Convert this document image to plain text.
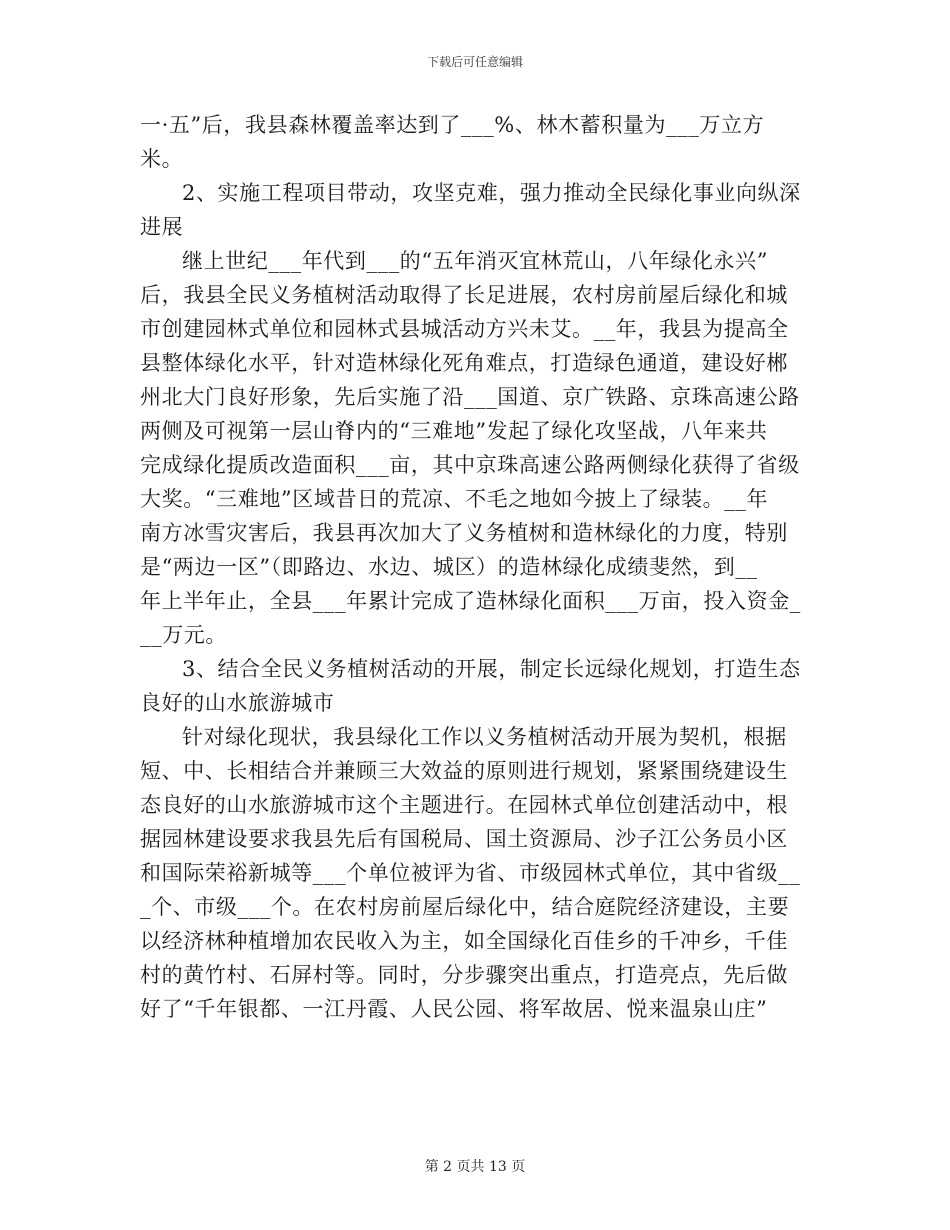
下载后可任意编辑
一·五”后，我县森林覆盖率达到了___%、林木蓄积量为___万立方
米。
2、实施工程项目带动，攻坚克难，强力推动全民绿化事业向纵深
进展
继上世纪___年代到___的“五年消灭宜林荒山，八年绿化永兴”
后，我县全民义务植树活动取得了长足进展，农村房前屋后绿化和城
市创建园林式单位和园林式县城活动方兴未艾。__年，我县为提高全
县整体绿化水平，针对造林绿化死角难点，打造绿色通道，建设好郴
州北大门良好形象，先后实施了沿___国道、京广铁路、京珠高速公路
两侧及可视第一层山脊内的“三难地”发起了绿化攻坚战，八年来共
完成绿化提质改造面积___亩，其中京珠高速公路两侧绿化获得了省级
大奖。“三难地”区域昔日的荒凉、不毛之地如今披上了绿装。__年
南方冰雪灾害后，我县再次加大了义务植树和造林绿化的力度，特别
是“两边一区”（即路边、水边、城区）的造林绿化成绩斐然，到__
年上半年止，全县___年累计完成了造林绿化面积___万亩，投入资金_
__万元。
3、结合全民义务植树活动的开展，制定长远绿化规划，打造生态
良好的山水旅游城市
针对绿化现状，我县绿化工作以义务植树活动开展为契机，根据
短、中、长相结合并兼顾三大效益的原则进行规划，紧紧围绕建设生
态良好的山水旅游城市这个主题进行。在园林式单位创建活动中，根
据园林建设要求我县先后有国税局、国土资源局、沙子江公务员小区
和国际荣裕新城等___个单位被评为省、市级园林式单位，其中省级__
_个、市级___个。在农村房前屋后绿化中，结合庭院经济建设，主要
以经济林种植增加农民收入为主，如全国绿化百佳乡的千冲乡，千佳
村的黄竹村、石屏村等。同时，分步骤突出重点，打造亮点，先后做
好了“千年银都、一江丹霞、人民公园、将军故居、悦来温泉山庄”
第 2 页共 13 页
